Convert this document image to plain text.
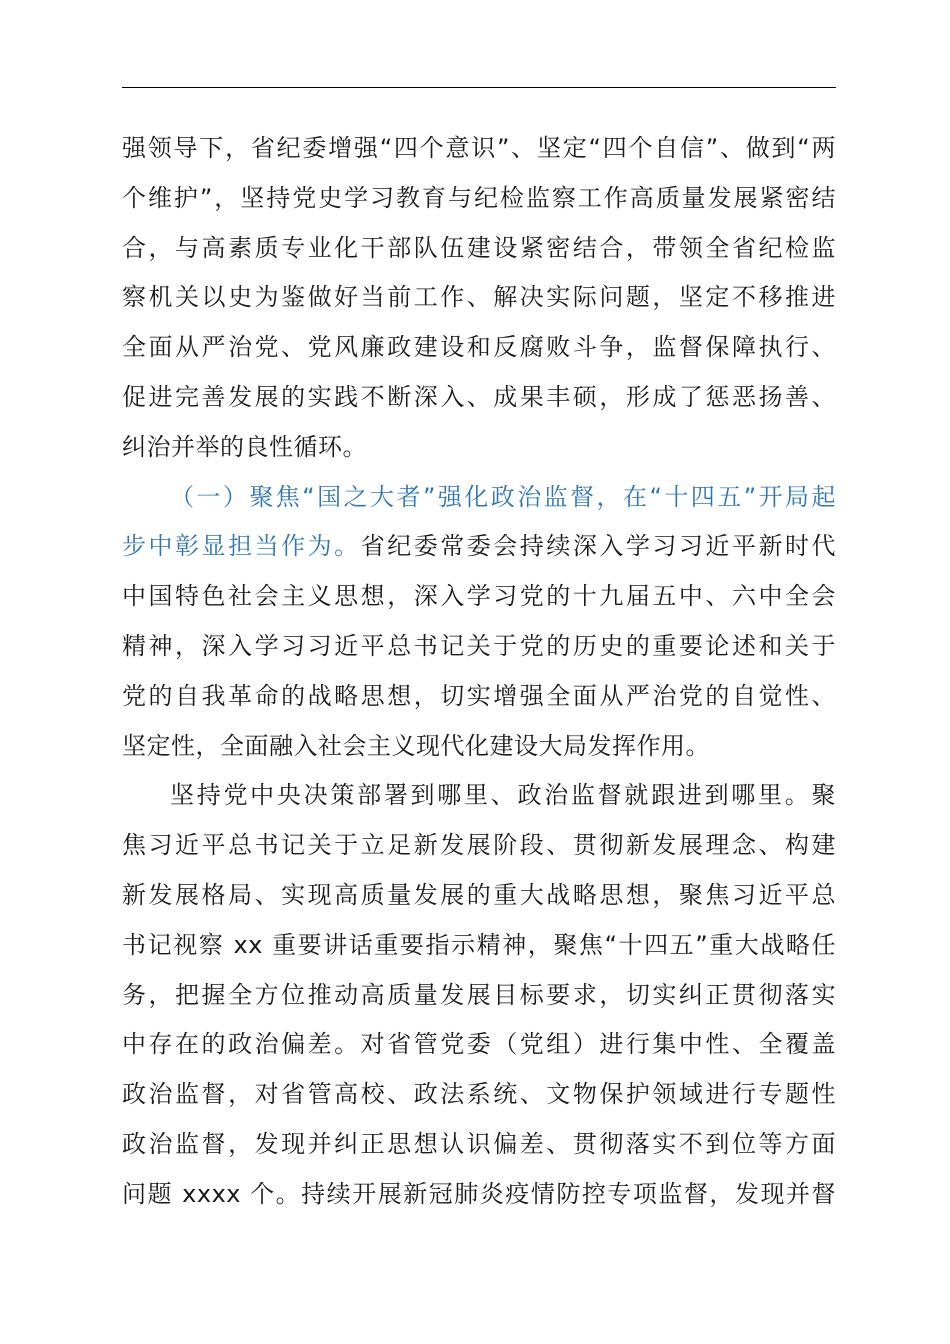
强领导下，省纪委增强“四个意识”、坚定“四个自信”、做到“两
个维护”，坚持党史学习教育与纪检监察工作高质量发展紧密结
合，与高素质专业化干部队伍建设紧密结合，带领全省纪检监
察机关以史为鉴做好当前工作、解决实际问题，坚定不移推进
全面从严治党、党风廉政建设和反腐败斗争，监督保障执行、
促进完善发展的实践不断深入、成果丰硕，形成了惩恶扬善、
纠治并举的良性循环。
（一）聚焦“国之大者”强化政治监督，在“十四五”开局起
步中彰显担当作为。省纪委常委会持续深入学习习近平新时代
中国特色社会主义思想，深入学习党的十九届五中、六中全会
精神，深入学习习近平总书记关于党的历史的重要论述和关于
党的自我革命的战略思想，切实增强全面从严治党的自觉性、
坚定性，全面融入社会主义现代化建设大局发挥作用。
坚持党中央决策部署到哪里、政治监督就跟进到哪里。聚
焦习近平总书记关于立足新发展阶段、贯彻新发展理念、构建
新发展格局、实现高质量发展的重大战略思想，聚焦习近平总
书记视察 xx 重要讲话重要指示精神，聚焦“十四五”重大战略任
务，把握全方位推动高质量发展目标要求，切实纠正贯彻落实
中存在的政治偏差。对省管党委（党组）进行集中性、全覆盖
政治监督，对省管高校、政法系统、文物保护领域进行专题性
政治监督，发现并纠正思想认识偏差、贯彻落实不到位等方面
问题 xxxx 个。持续开展新冠肺炎疫情防控专项监督，发现并督
